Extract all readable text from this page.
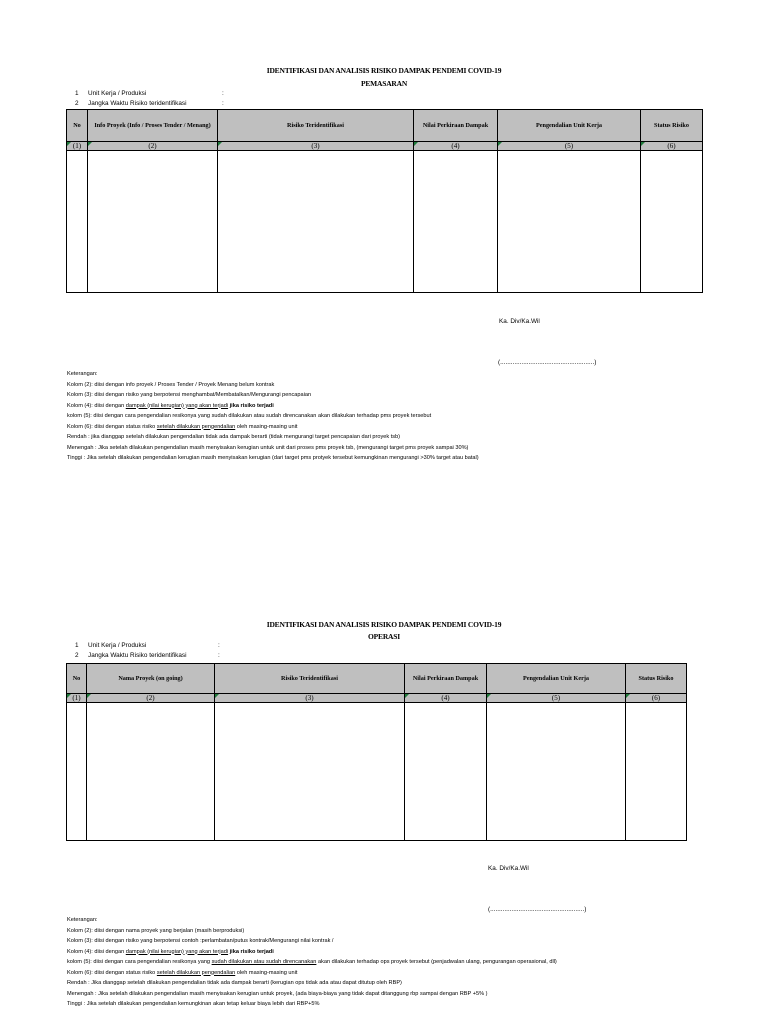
IDENTIFIKASI DAN ANALISIS RISIKO DAMPAK PENDEMI COVID-19
PEMASARAN
1 Unit Kerja / Produksi	:
2 Jangka Waktu Risiko teridentifikasi	:
No	Info Proyek (Info / Proses Tender / Menang)	Risiko Teridentifikasi	Nilai Perkiraan Dampak	Pengendalian Unit Kerja	Status Risiko
(1)	(2)	(3)	(4)	(5)	(6)

Ka. Div/Ka.Wil
(.....................................................)
Keterangan:
Kolom (2): diisi dengan info proyek / Proses Tender / Proyek Menang belum kontrak
Kolom (3): diisi dengan risiko yang berpotensi menghambat/Membatalkan/Mengurangi pencapaian
Kolom (4): diisi dengan dampak (nilai kerugian) yang akan terjadi jika risiko terjadi
kolom (5): diisi dengan cara pengendalian resikonya yang sudah dilakukan atau sudah direncanakan akan dilakukan terhadap pms proyek tersebut
Kolom (6): diisi dengan status risiko setelah dilakukan pengendalian oleh masing-masing unit
Rendah : jika dianggap setelah dilakukan pengendalian tidak ada dampak berarti (tidak mengurangi target pencapaian dari proyek tsb)
Menengah : Jika setelah dilakukan pengendalian masih menyisakan kerugian untuk unit dari proses pms proyek tsb, (mengurangi target pms proyek sampai 30%)
Tinggi : Jika setelah dilakukan pengendalian kerugian masih menyisakan kerugian (dari target pms protyek tersebut kemungkinan mengurangi >30% target atau batal)
IDENTIFIKASI DAN ANALISIS RISIKO DAMPAK PENDEMI COVID-19
OPERASI
1 Unit Kerja / Produksi	:
2 Jangka Waktu Risiko teridentifikasi	:
No	Nama Proyek (on going)	Risiko Teridentifikasi	Nilai Perkiraan Dampak	Pengendalian Unit Kerja	Status Risiko
(1)	(2)	(3)	(4)	(5)	(6)

Ka. Div/Ka.Wil
(.....................................................)
Keterangan:
Kolom (2): diisi dengan nama proyek yang berjalan (masih berproduksi)
Kolom (3): diisi dengan risiko yang berpotensi contoh :perlambatan/putus kontrak/Mengurangi nilai kontrak /
Kolom (4): diisi dengan dampak (nilai kerugian) yang akan terjadi jika risiko terjadi
kolom (5): diisi dengan cara pengendalian resikonya yang sudah dilakukan atau sudah direncanakan akan dilakukan terhadap ops proyek tersebut (penjadwalan ulang, pengurangan operasional, dll)
Kolom (6): diisi dengan status risiko setelah dilakukan pengendalian oleh masing-masing unit
Rendah : Jika dianggap setelah dilakukan pengendalian tidak ada dampak berarti (kerugian ops tidak ada atau dapat ditutup oleh RBP)
Menengah : Jika setelah dilakukan pengendalian masih menyisakan kerugian untuk proyek, (ada biaya-biaya yang tidak dapat ditanggung rbp sampai dengan RBP +5% )
Tinggi : Jika setelah dilakukan pengendalian kemungkinan akan tetap keluar biaya lebih dari RBP+5%
